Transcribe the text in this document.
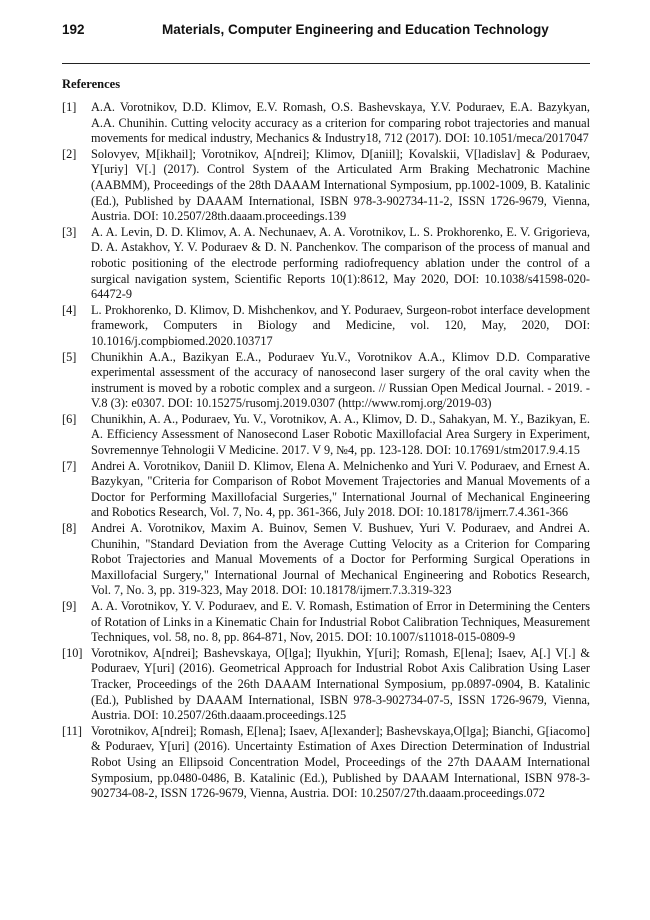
192	Materials, Computer Engineering and Education Technology
References
[1]	A.A. Vorotnikov, D.D. Klimov, E.V. Romash, O.S. Bashevskaya, Y.V. Poduraev, E.A. Bazykyan, A.A. Chunihin. Cutting velocity accuracy as a criterion for comparing robot trajectories and manual movements for medical industry, Mechanics & Industry18, 712 (2017). DOI: 10.1051/meca/2017047
[2]	Solovyev, M[ikhail]; Vorotnikov, A[ndrei]; Klimov, D[aniil]; Kovalskii, V[ladislav] & Poduraev, Y[uriy] V[.] (2017). Control System of the Articulated Arm Braking Mechatronic Machine (AABMM), Proceedings of the 28th DAAAM International Symposium, pp.1002-1009, B. Katalinic (Ed.), Published by DAAAM International, ISBN 978-3-902734-11-2, ISSN 1726-9679, Vienna, Austria. DOI: 10.2507/28th.daaam.proceedings.139
[3]	A. A. Levin, D. D. Klimov, A. A. Nechunaev, A. A. Vorotnikov, L. S. Prokhorenko, E. V. Grigorieva, D. A. Astakhov, Y. V. Poduraev & D. N. Panchenkov. The comparison of the process of manual and robotic positioning of the electrode performing radiofrequency ablation under the control of a surgical navigation system, Scientific Reports 10(1):8612, May 2020, DOI: 10.1038/s41598-020-64472-9
[4]	L. Prokhorenko, D. Klimov, D. Mishchenkov, and Y. Poduraev, Surgeon-robot interface development framework, Computers in Biology and Medicine, vol. 120, May, 2020, DOI: 10.1016/j.compbiomed.2020.103717
[5]	Chunikhin A.A., Bazikyan E.A., Poduraev Yu.V., Vorotnikov A.A., Klimov D.D. Comparative experimental assessment of the accuracy of nanosecond laser surgery of the oral cavity when the instrument is moved by a robotic complex and a surgeon. // Russian Open Medical Journal. - 2019. - V.8 (3): e0307. DOI: 10.15275/rusomj.2019.0307 (http://www.romj.org/2019-03)
[6]	Chunikhin, A. A., Poduraev, Yu. V., Vorotnikov, A. A., Klimov, D. D., Sahakyan, M. Y., Bazikyan, E. A. Efficiency Assessment of Nanosecond Laser Robotic Maxillofacial Area Surgery in Experiment, Sovremennye Tehnologii V Medicine. 2017. V 9, №4, pp. 123-128. DOI: 10.17691/stm2017.9.4.15
[7]	Andrei A. Vorotnikov, Daniil D. Klimov, Elena A. Melnichenko and Yuri V. Poduraev, and Ernest A. Bazykyan, "Criteria for Comparison of Robot Movement Trajectories and Manual Movements of a Doctor for Performing Maxillofacial Surgeries," International Journal of Mechanical Engineering and Robotics Research, Vol. 7, No. 4, pp. 361-366, July 2018. DOI: 10.18178/ijmerr.7.4.361-366
[8]	Andrei A. Vorotnikov, Maxim A. Buinov, Semen V. Bushuev, Yuri V. Poduraev, and Andrei A. Chunihin, "Standard Deviation from the Average Cutting Velocity as a Criterion for Comparing Robot Trajectories and Manual Movements of a Doctor for Performing Surgical Operations in Maxillofacial Surgery," International Journal of Mechanical Engineering and Robotics Research, Vol. 7, No. 3, pp. 319-323, May 2018. DOI: 10.18178/ijmerr.7.3.319-323
[9]	A. A. Vorotnikov, Y. V. Poduraev, and E. V. Romash, Estimation of Error in Determining the Centers of Rotation of Links in a Kinematic Chain for Industrial Robot Calibration Techniques, Measurement Techniques, vol. 58, no. 8, pp. 864-871, Nov, 2015. DOI: 10.1007/s11018-015-0809-9
[10] Vorotnikov, A[ndrei]; Bashevskaya, O[lga]; Ilyukhin, Y[uri]; Romash, E[lena]; Isaev, A[.] V[.] & Poduraev, Y[uri] (2016). Geometrical Approach for Industrial Robot Axis Calibration Using Laser Tracker, Proceedings of the 26th DAAAM International Symposium, pp.0897-0904, B. Katalinic (Ed.), Published by DAAAM International, ISBN 978-3-902734-07-5, ISSN 1726-9679, Vienna, Austria. DOI: 10.2507/26th.daaam.proceedings.125
[11] Vorotnikov, A[ndrei]; Romash, E[lena]; Isaev, A[lexander]; Bashevskaya,O[lga]; Bianchi, G[iacomo] & Poduraev, Y[uri] (2016). Uncertainty Estimation of Axes Direction Determination of Industrial Robot Using an Ellipsoid Concentration Model, Proceedings of the 27th DAAAM International Symposium, pp.0480-0486, B. Katalinic (Ed.), Published by DAAAM International, ISBN 978-3-902734-08-2, ISSN 1726-9679, Vienna, Austria. DOI: 10.2507/27th.daaam.proceedings.072
